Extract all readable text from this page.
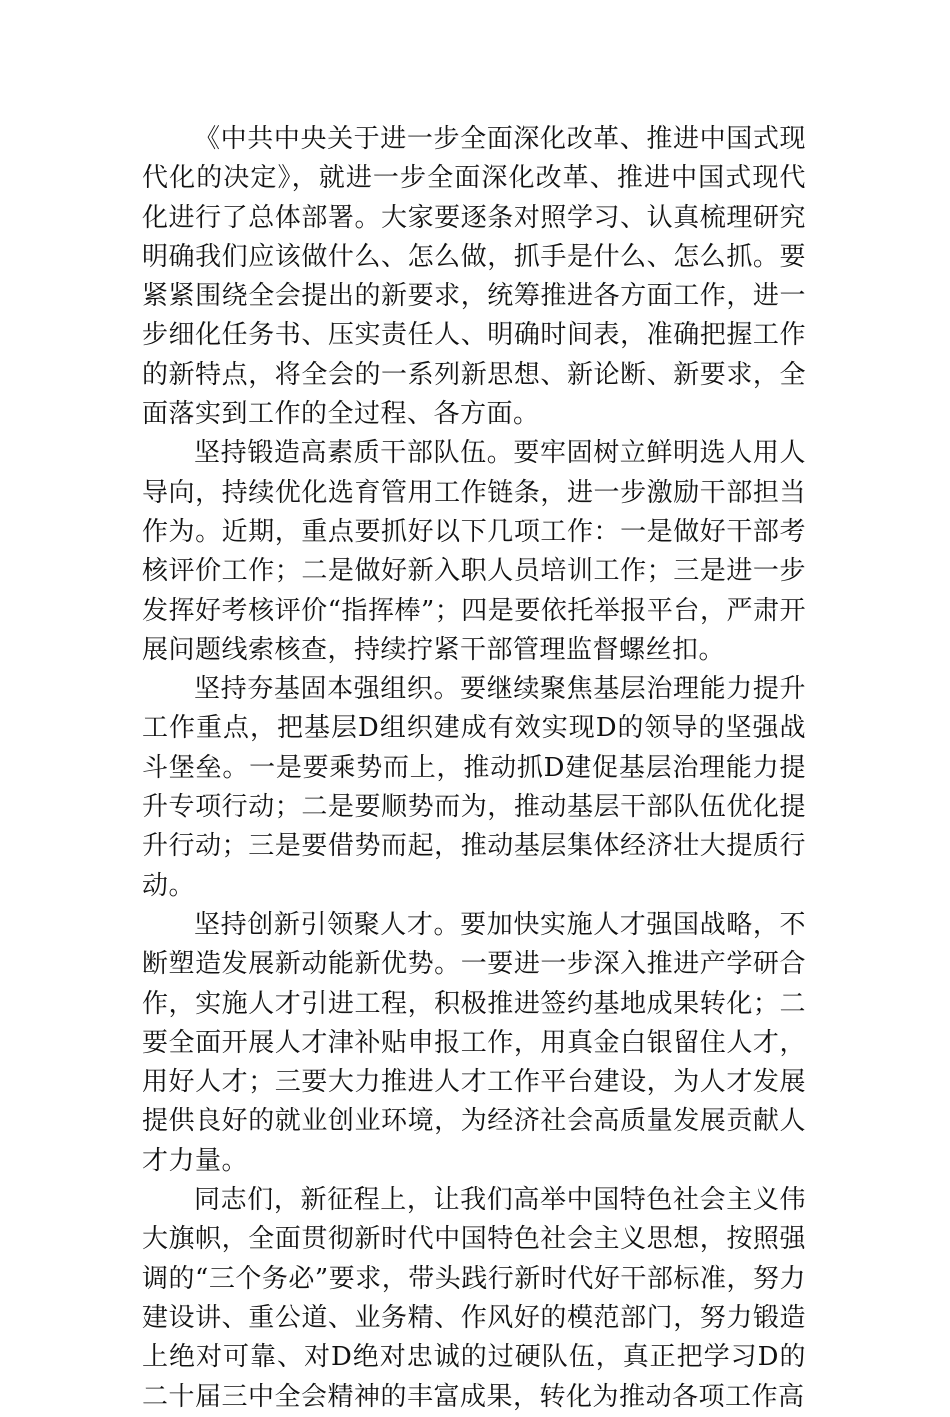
《中共中央关于进一步全面深化改革、推进中国式现代化的决定》，就进一步全面深化改革、推进中国式现代化进行了总体部署。大家要逐条对照学习、认真梳理研究明确我们应该做什么、怎么做，抓手是什么、怎么抓。要紧紧围绕全会提出的新要求，统筹推进各方面工作，进一步细化任务书、压实责任人、明确时间表，准确把握工作的新特点，将全会的一系列新思想、新论断、新要求，全面落实到工作的全过程、各方面。

坚持锻造高素质干部队伍。要牢固树立鲜明选人用人导向，持续优化选育管用工作链条，进一步激励干部担当作为。近期，重点要抓好以下几项工作：一是做好干部考核评价工作；二是做好新入职人员培训工作；三是进一步发挥好考核评价“指挥棒”；四是要依托举报平台，严肃开展问题线索核查，持续拧紧干部管理监督螺丝扣。

坚持夯基固本强组织。要继续聚焦基层治理能力提升工作重点，把基层D组织建成有效实现D的领导的坚强战斗堡垒。一是要乘势而上，推动抓D建促基层治理能力提升专项行动；二是要顺势而为，推动基层干部队伍优化提升行动；三是要借势而起，推动基层集体经济壮大提质行动。

坚持创新引领聚人才。要加快实施人才强国战略，不断塑造发展新动能新优势。一要进一步深入推进产学研合作，实施人才引进工程，积极推进签约基地成果转化；二要全面开展人才津补贴申报工作，用真金白银留住人才，用好人才；三要大力推进人才工作平台建设，为人才发展提供良好的就业创业环境，为经济社会高质量发展贡献人才力量。

同志们，新征程上，让我们高举中国特色社会主义伟大旗帜，全面贯彻新时代中国特色社会主义思想，按照强调的“三个务必”要求，带头践行新时代好干部标准，努力建设讲、重公道、业务精、作风好的模范部门，努力锻造上绝对可靠、对D绝对忠诚的过硬队伍，真正把学习D的二十届三中全会精神的丰富成果，转化为推动各项工作高
